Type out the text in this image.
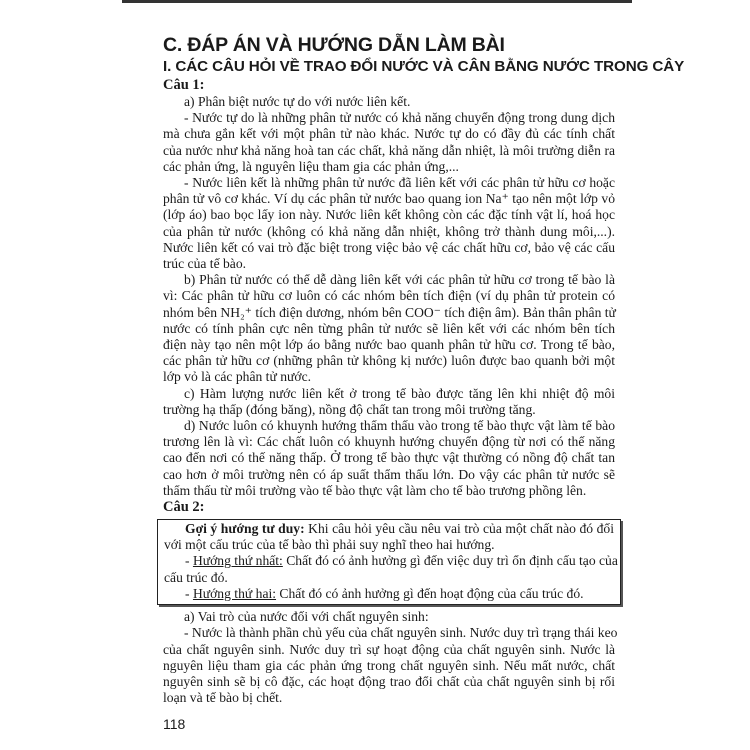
C. ĐÁP ÁN VÀ HƯỚNG DẪN LÀM BÀI
I. CÁC CÂU HỎI VỀ TRAO ĐỔI NƯỚC VÀ CÂN BẰNG NƯỚC TRONG CÂY
Câu 1:
a) Phân biệt nước tự do với nước liên kết.
- Nước tự do là những phân tử nước có khả năng chuyển động trong dung dịch
mà chưa gắn kết với một phân tử nào khác. Nước tự do có đầy đủ các tính chất
của nước như khả năng hoà tan các chất, khả năng dẫn nhiệt, là môi trường diễn ra
các phản ứng, là nguyên liệu tham gia các phản ứng,...
- Nước liên kết là những phân tử nước đã liên kết với các phân tử hữu cơ hoặc
phân tử vô cơ khác. Ví dụ các phân tử nước bao quang ion Na⁺ tạo nên một lớp vỏ
(lớp áo) bao bọc lấy ion này. Nước liên kết không còn các đặc tính vật lí, hoá học
của phân tử nước (không có khả năng dẫn nhiệt, không trở thành dung môi,...).
Nước liên kết có vai trò đặc biệt trong việc bảo vệ các chất hữu cơ, bảo vệ các cấu
trúc của tế bào.
b) Phân tử nước có thể dễ dàng liên kết với các phân tử hữu cơ trong tế bào là
vì: Các phân tử hữu cơ luôn có các nhóm bên tích điện (ví dụ phân tử protein có
nhóm bên NH₂⁺ tích điện dương, nhóm bên COO⁻ tích điện âm). Bản thân phân tử
nước có tính phân cực nên từng phân tử nước sẽ liên kết với các nhóm bên tích
điện này tạo nên một lớp áo bằng nước bao quanh phân tử hữu cơ. Trong tế bào,
các phân tử hữu cơ (những phân tử không kị nước) luôn được bao quanh bởi một
lớp vỏ là các phân tử nước.
c) Hàm lượng nước liên kết ở trong tế bào được tăng lên khi nhiệt độ môi
trường hạ thấp (đóng băng), nồng độ chất tan trong môi trường tăng.
d) Nước luôn có khuynh hướng thẩm thấu vào trong tế bào thực vật làm tế bào
trương lên là vì: Các chất luôn có khuynh hướng chuyển động từ nơi có thế năng
cao đến nơi có thế năng thấp. Ở trong tế bào thực vật thường có nồng độ chất tan
cao hơn ở môi trường nên có áp suất thẩm thấu lớn. Do vậy các phân tử nước sẽ
thẩm thấu từ môi trường vào tế bào thực vật làm cho tế bào trương phồng lên.
Câu 2:
Gợi ý hướng tư duy: Khi câu hỏi yêu cầu nêu vai trò của một chất nào đó đối
với một cấu trúc của tế bào thì phải suy nghĩ theo hai hướng.
- Hướng thứ nhất: Chất đó có ảnh hưởng gì đến việc duy trì ổn định cấu tạo của
cấu trúc đó.
- Hướng thứ hai: Chất đó có ảnh hưởng gì đến hoạt động của cấu trúc đó.
a) Vai trò của nước đối với chất nguyên sinh:
- Nước là thành phần chủ yếu của chất nguyên sinh. Nước duy trì trạng thái keo
của chất nguyên sinh. Nước duy trì sự hoạt động của chất nguyên sinh. Nước là
nguyên liệu tham gia các phản ứng trong chất nguyên sinh. Nếu mất nước, chất
nguyên sinh sẽ bị cô đặc, các hoạt động trao đổi chất của chất nguyên sinh bị rối
loạn và tế bào bị chết.
118
